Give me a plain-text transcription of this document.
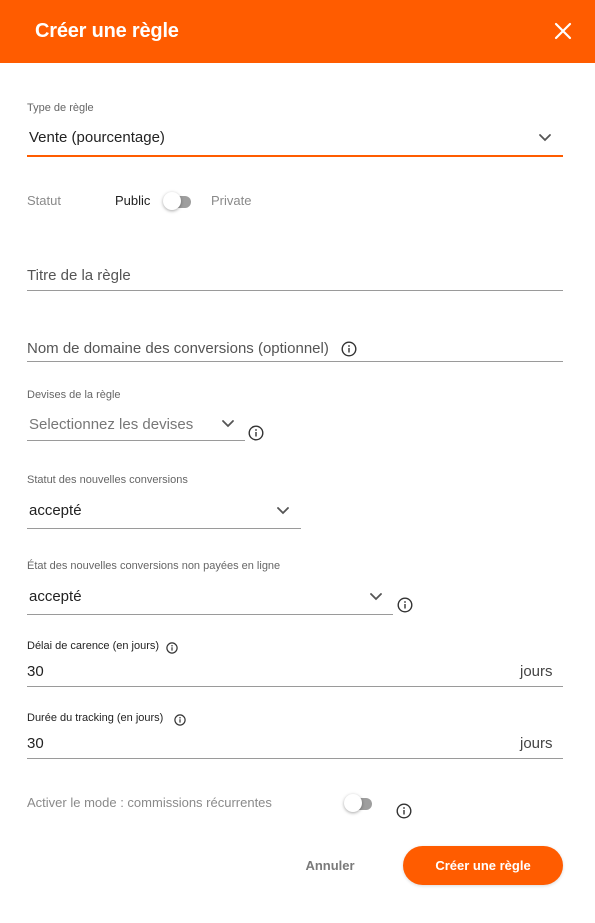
Créer une règle
Type de règle
Vente (pourcentage)
Statut	Public	Private
Titre de la règle
Nom de domaine des conversions (optionnel)
Devises de la règle
Selectionnez les devises
Statut des nouvelles conversions
accepté
État des nouvelles conversions non payées en ligne
accepté
Délai de carence (en jours)
30	jours
Durée du tracking (en jours)
30	jours
Activer le mode : commissions récurrentes
Annuler	Créer une règle
